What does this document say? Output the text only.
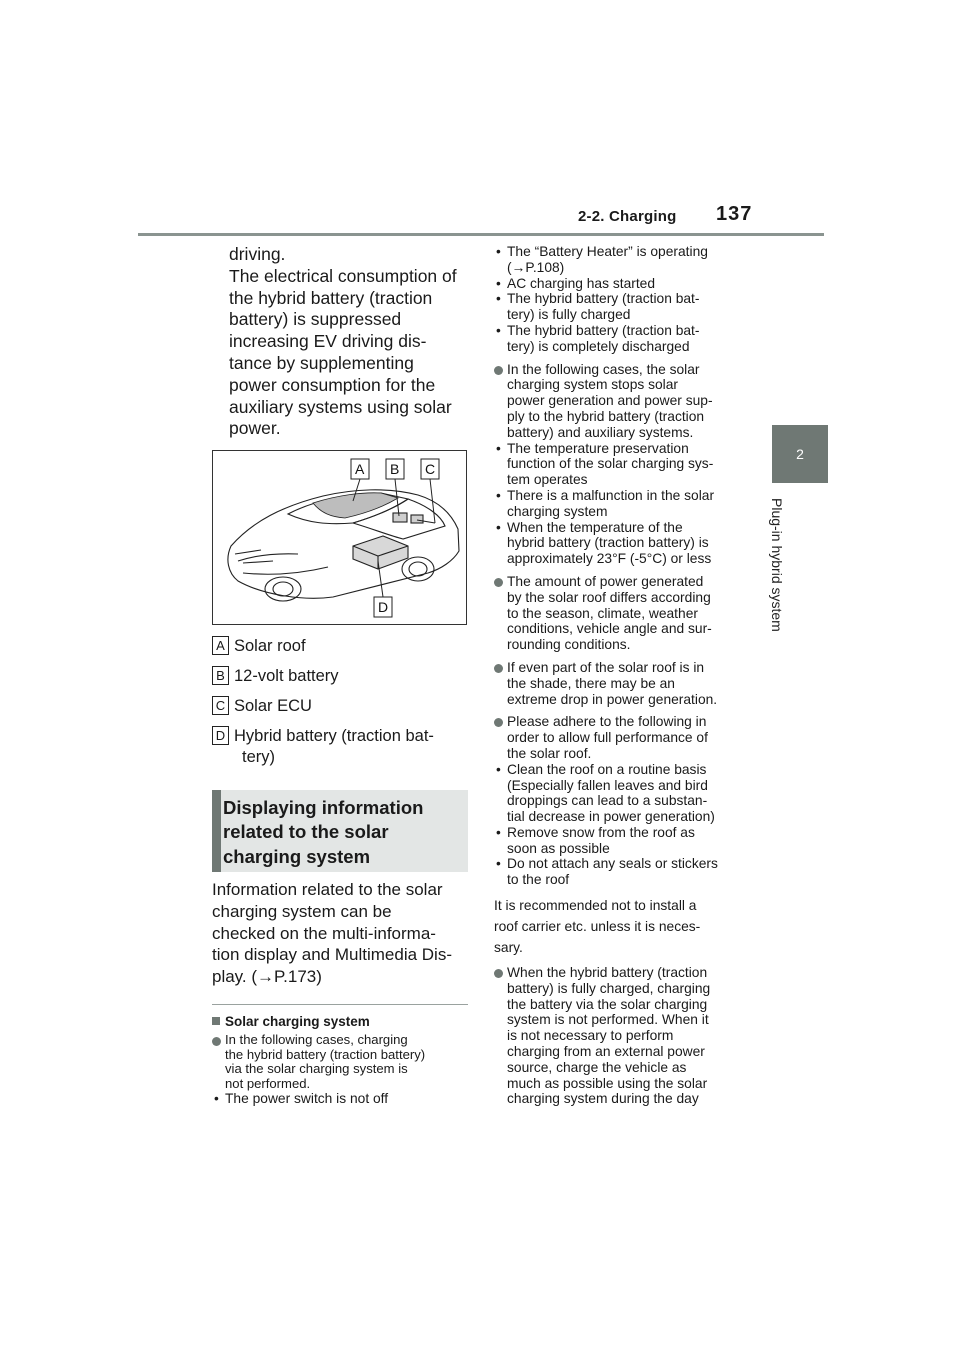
2-2. Charging 137
2
Plug-in hybrid system
driving.
The electrical consumption of
the hybrid battery (traction
battery) is suppressed
increasing EV driving dis-
tance by supplementing
power consumption for the
auxiliary systems using solar
power.
A B C
D
A Solar roof
B 12-volt battery
C Solar ECU
D Hybrid battery (traction bat-
tery)
Displaying information
related to the solar
charging system
Information related to the solar
charging system can be
checked on the multi-informa-
tion display and Multimedia Dis-
play. (→P.173)
Solar charging system
In the following cases, charging
the hybrid battery (traction battery)
via the solar charging system is
not performed.
• The power switch is not off
• The “Battery Heater” is operating
(→P.108)
• AC charging has started
• The hybrid battery (traction bat-
tery) is fully charged
• The hybrid battery (traction bat-
tery) is completely discharged
In the following cases, the solar
charging system stops solar
power generation and power sup-
ply to the hybrid battery (traction
battery) and auxiliary systems.
• The temperature preservation
function of the solar charging sys-
tem operates
• There is a malfunction in the solar
charging system
• When the temperature of the
hybrid battery (traction battery) is
approximately 23°F (-5°C) or less
The amount of power generated
by the solar roof differs according
to the season, climate, weather
conditions, vehicle angle and sur-
rounding conditions.
If even part of the solar roof is in
the shade, there may be an
extreme drop in power generation.
Please adhere to the following in
order to allow full performance of
the solar roof.
• Clean the roof on a routine basis
(Especially fallen leaves and bird
droppings can lead to a substan-
tial decrease in power generation)
• Remove snow from the roof as
soon as possible
• Do not attach any seals or stickers
to the roof
It is recommended not to install a
roof carrier etc. unless it is neces-
sary.
When the hybrid battery (traction
battery) is fully charged, charging
the battery via the solar charging
system is not performed. When it
is not necessary to perform
charging from an external power
source, charge the vehicle as
much as possible using the solar
charging system during the day
